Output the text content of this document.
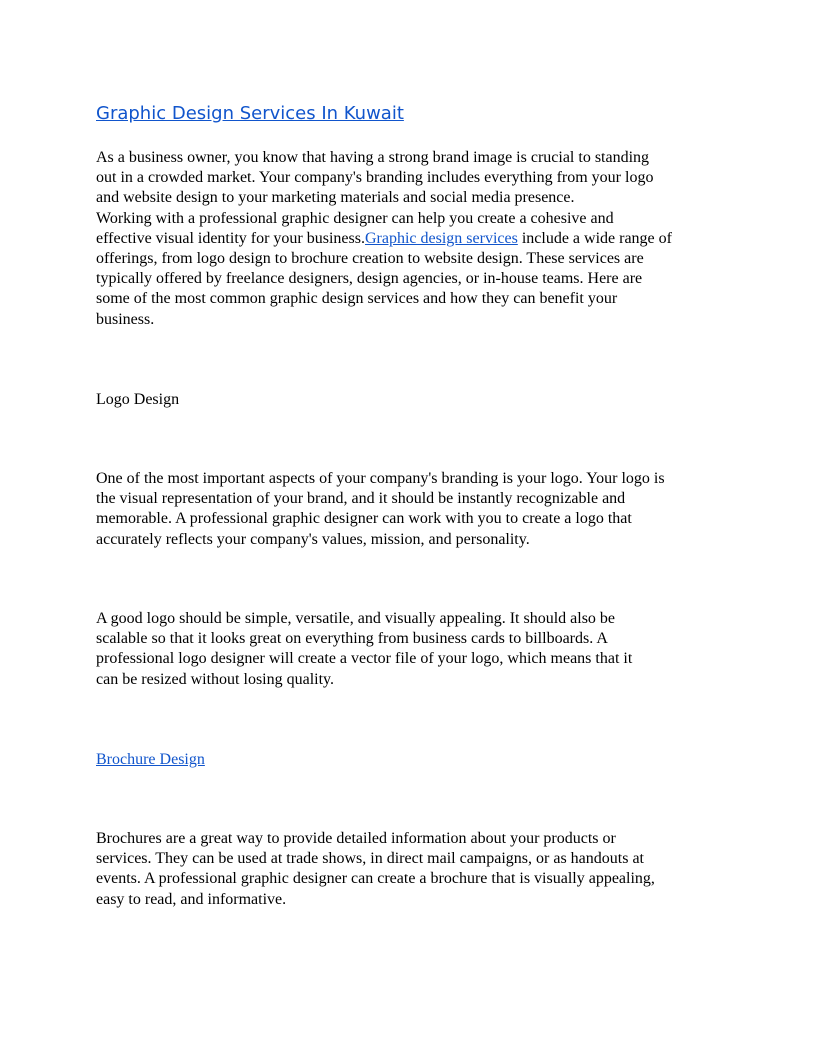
Graphic Design Services In Kuwait
As a business owner, you know that having a strong brand image is crucial to standing
out in a crowded market. Your company's branding includes everything from your logo
and website design to your marketing materials and social media presence.
Working with a professional graphic designer can help you create a cohesive and
effective visual identity for your business.Graphic design services include a wide range of
offerings, from logo design to brochure creation to website design. These services are
typically offered by freelance designers, design agencies, or in-house teams. Here are
some of the most common graphic design services and how they can benefit your
business.
Logo Design
One of the most important aspects of your company's branding is your logo. Your logo is
the visual representation of your brand, and it should be instantly recognizable and
memorable. A professional graphic designer can work with you to create a logo that
accurately reflects your company's values, mission, and personality.
A good logo should be simple, versatile, and visually appealing. It should also be
scalable so that it looks great on everything from business cards to billboards. A
professional logo designer will create a vector file of your logo, which means that it
can be resized without losing quality.
Brochure Design
Brochures are a great way to provide detailed information about your products or
services. They can be used at trade shows, in direct mail campaigns, or as handouts at
events. A professional graphic designer can create a brochure that is visually appealing,
easy to read, and informative.
